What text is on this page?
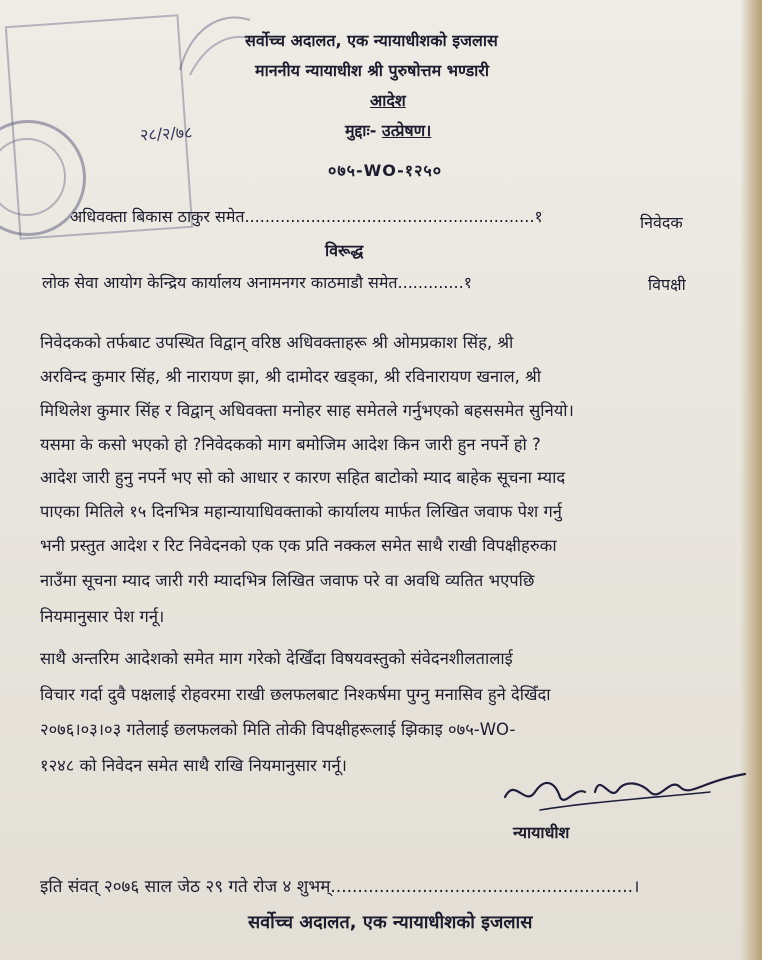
२८/२/७८
सर्वोच्च अदालत, एक न्यायाधीशको इजलास
माननीय न्यायाधीश श्री पुरुषोत्तम भण्डारी
आदेश
मुद्दाः- उत्प्रेषण।
०७५-WO-१२५०
अधिवक्ता बिकास ठाकुर समेत.........................................................१	निवेदक
विरूद्ध
लोक सेवा आयोग केन्द्रिय कार्यालय अनामनगर काठमाडौ समेत.............१	विपक्षी
निवेदकको तर्फबाट उपस्थित विद्वान् वरिष्ठ अधिवक्ताहरू श्री ओमप्रकाश सिंह, श्री
अरविन्द कुमार सिंह, श्री नारायण झा, श्री दामोदर खड्का, श्री रविनारायण खनाल, श्री
मिथिलेश कुमार सिंह र विद्वान् अधिवक्ता मनोहर साह समेतले गर्नुभएको बहससमेत सुनियो।
यसमा के कसो भएको हो ?निवेदकको माग बमोजिम आदेश किन जारी हुन नपर्ने हो ?
आदेश जारी हुनु नपर्ने भए सो को आधार र कारण सहित बाटोको म्याद बाहेक सूचना म्याद
पाएका मितिले १५ दिनभित्र महान्यायाधिवक्ताको कार्यालय मार्फत लिखित जवाफ पेश गर्नु
भनी प्रस्तुत आदेश र रिट निवेदनको एक एक प्रति नक्कल समेत साथै राखी विपक्षीहरुका
नाउँमा सूचना म्याद जारी गरी म्यादभित्र लिखित जवाफ परे वा अवधि व्यतित भएपछि
नियमानुसार पेश गर्नू।
साथै अन्तरिम आदेशको समेत माग गरेको देखिँदा विषयवस्तुको संवेदनशीलतालाई
विचार गर्दा दुवै पक्षलाई रोहवरमा राखी छलफलबाट निश्कर्षमा पुग्नु मनासिव हुने देखिँदा
२०७६।०३।०३ गतेलाई छलफलको मिति तोकी विपक्षीहरूलाई झिकाइ ०७५-WO-
१२४८ को निवेदन समेत साथै राखि नियमानुसार गर्नू।
न्यायाधीश
इति संवत् २०७६ साल जेठ २९ गते रोज ४ शुभम्........................................................।
सर्वोच्च अदालत, एक न्यायाधीशको इजलास
